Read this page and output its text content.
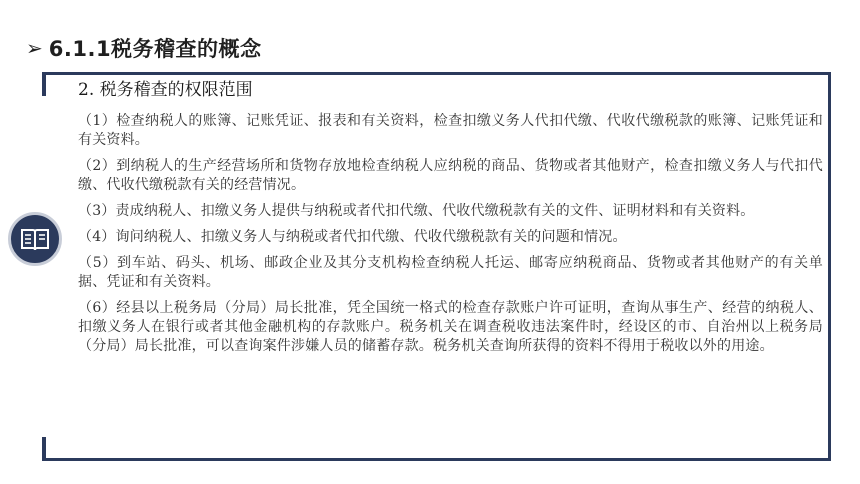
➢ 6.1.1税务稽查的概念
2. 税务稽查的权限范围

（1）检查纳税人的账簿、记账凭证、报表和有关资料，检查扣缴义务人代扣代缴、代收代缴税款的账簿、记账凭证和有关资料。

（2）到纳税人的生产经营场所和货物存放地检查纳税人应纳税的商品、货物或者其他财产，检查扣缴义务人与代扣代缴、代收代缴税款有关的经营情况。

（3）责成纳税人、扣缴义务人提供与纳税或者代扣代缴、代收代缴税款有关的文件、证明材料和有关资料。

（4）询问纳税人、扣缴义务人与纳税或者代扣代缴、代收代缴税款有关的问题和情况。

（5）到车站、码头、机场、邮政企业及其分支机构检查纳税人托运、邮寄应纳税商品、货物或者其他财产的有关单据、凭证和有关资料。

（6）经县以上税务局（分局）局长批准，凭全国统一格式的检查存款账户许可证明，查询从事生产、经营的纳税人、扣缴义务人在银行或者其他金融机构的存款账户。税务机关在调查税收违法案件时，经设区的市、自治州以上税务局（分局）局长批准，可以查询案件涉嫌人员的储蓄存款。税务机关查询所获得的资料不得用于税收以外的用途。
